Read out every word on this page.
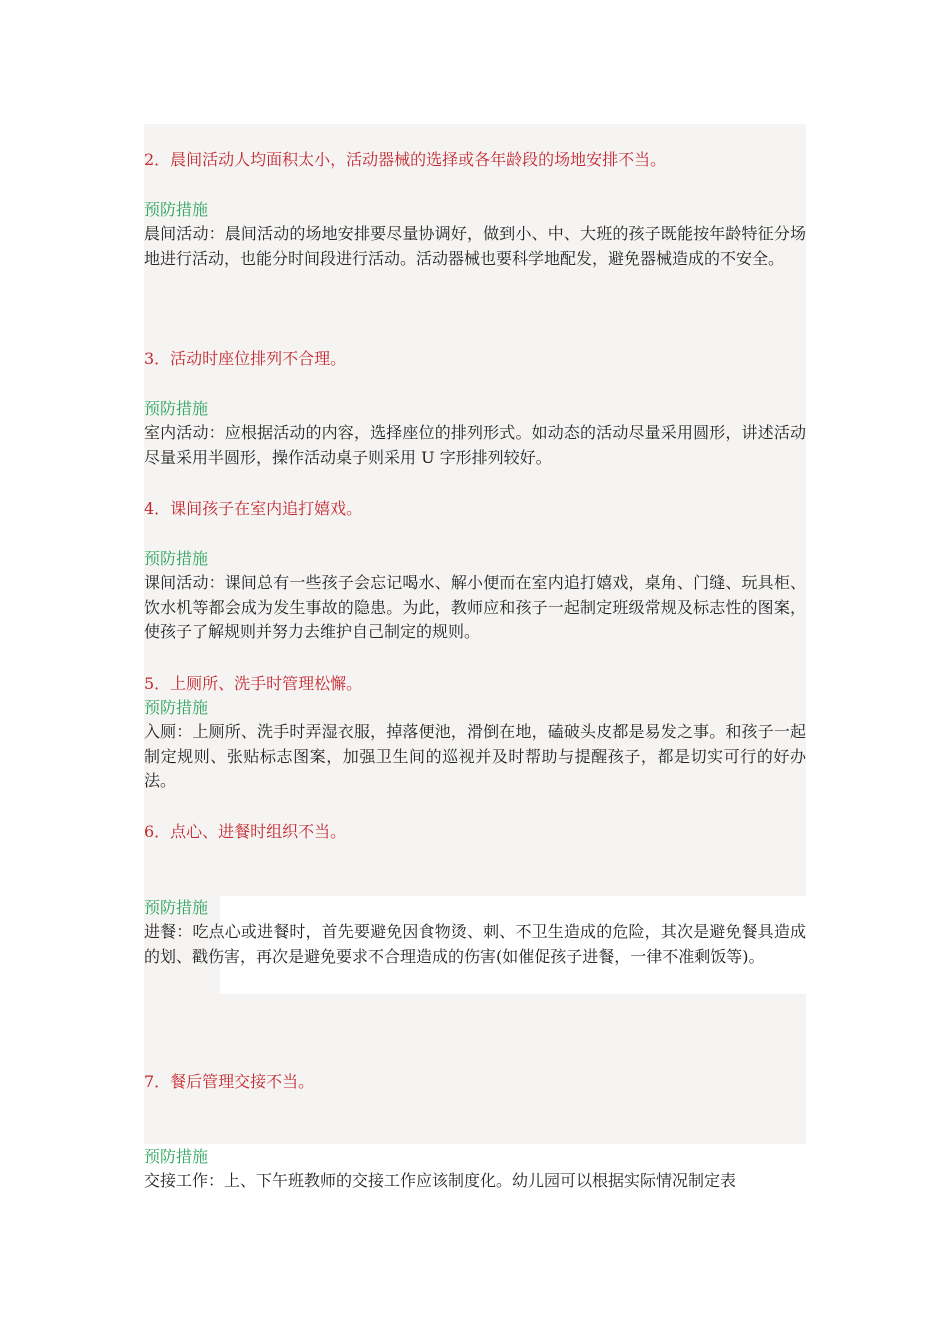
2．晨间活动人均面积太小，活动器械的选择或各年龄段的场地安排不当。

预防措施

晨间活动：晨间活动的场地安排要尽量协调好，做到小、中、大班的孩子既能按年龄特征分场地进行活动，也能分时间段进行活动。活动器械也要科学地配发，避免器械造成的不安全。

3．活动时座位排列不合理。

预防措施

室内活动：应根据活动的内容，选择座位的排列形式。如动态的活动尽量采用圆形，讲述活动尽量采用半圆形，操作活动桌子则采用 U 字形排列较好。

4．课间孩子在室内追打嬉戏。

预防措施

课间活动：课间总有一些孩子会忘记喝水、解小便而在室内追打嬉戏，桌角、门缝、玩具柜、饮水机等都会成为发生事故的隐患。为此，教师应和孩子一起制定班级常规及标志性的图案，使孩子了解规则并努力去维护自己制定的规则。

5．上厕所、洗手时管理松懈。

预防措施

入厕：上厕所、洗手时弄湿衣服，掉落便池，滑倒在地，磕破头皮都是易发之事。和孩子一起制定规则、张贴标志图案，加强卫生间的巡视并及时帮助与提醒孩子，都是切实可行的好办法。

6．点心、进餐时组织不当。

预防措施

进餐：吃点心或进餐时，首先要避免因食物烫、刺、不卫生造成的危险，其次是避免餐具造成的划、戳伤害，再次是避免要求不合理造成的伤害(如催促孩子进餐，一律不准剩饭等)。

7．餐后管理交接不当。

预防措施

交接工作：上、下午班教师的交接工作应该制度化。幼儿园可以根据实际情况制定表
